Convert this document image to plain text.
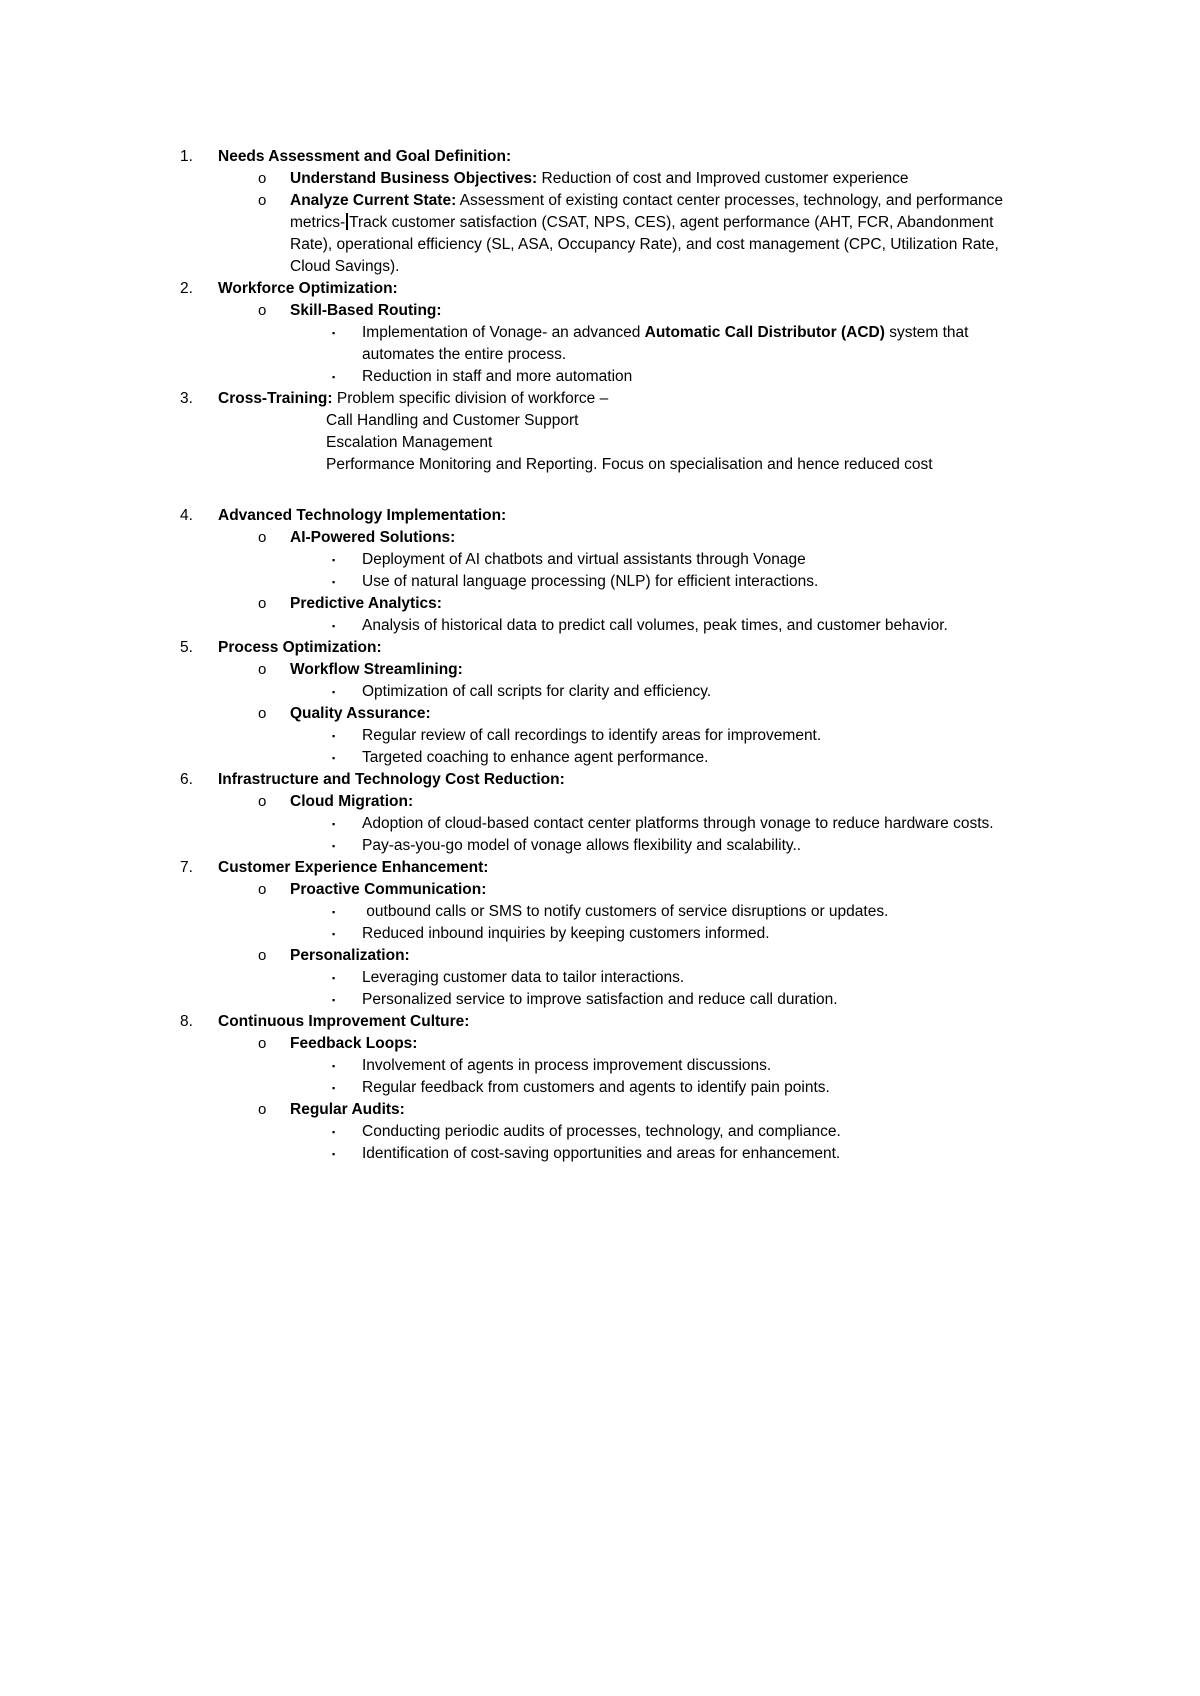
1. Needs Assessment and Goal Definition:
o Understand Business Objectives: Reduction of cost and Improved customer experience
o Analyze Current State: Assessment of existing contact center processes, technology, and performance
metrics- Track customer satisfaction (CSAT, NPS, CES), agent performance (AHT, FCR, Abandonment
Rate), operational efficiency (SL, ASA, Occupancy Rate), and cost management (CPC, Utilization Rate,
Cloud Savings).
2. Workforce Optimization:
o Skill-Based Routing:
▪ Implementation of Vonage- an advanced Automatic Call Distributor (ACD) system that
automates the entire process.
▪ Reduction in staff and more automation
3. Cross-Training: Problem specific division of workforce –
Call Handling and Customer Support
Escalation Management
Performance Monitoring and Reporting. Focus on specialisation and hence reduced cost
4. Advanced Technology Implementation:
o AI-Powered Solutions:
▪ Deployment of AI chatbots and virtual assistants through Vonage
▪ Use of natural language processing (NLP) for efficient interactions.
o Predictive Analytics:
▪ Analysis of historical data to predict call volumes, peak times, and customer behavior.
5. Process Optimization:
o Workflow Streamlining:
▪ Optimization of call scripts for clarity and efficiency.
o Quality Assurance:
▪ Regular review of call recordings to identify areas for improvement.
▪ Targeted coaching to enhance agent performance.
6. Infrastructure and Technology Cost Reduction:
o Cloud Migration:
▪ Adoption of cloud-based contact center platforms through vonage to reduce hardware costs.
▪ Pay-as-you-go model of vonage allows flexibility and scalability..
7. Customer Experience Enhancement:
o Proactive Communication:
▪ outbound calls or SMS to notify customers of service disruptions or updates.
▪ Reduced inbound inquiries by keeping customers informed.
o Personalization:
▪ Leveraging customer data to tailor interactions.
▪ Personalized service to improve satisfaction and reduce call duration.
8. Continuous Improvement Culture:
o Feedback Loops:
▪ Involvement of agents in process improvement discussions.
▪ Regular feedback from customers and agents to identify pain points.
o Regular Audits:
▪ Conducting periodic audits of processes, technology, and compliance.
▪ Identification of cost-saving opportunities and areas for enhancement.
